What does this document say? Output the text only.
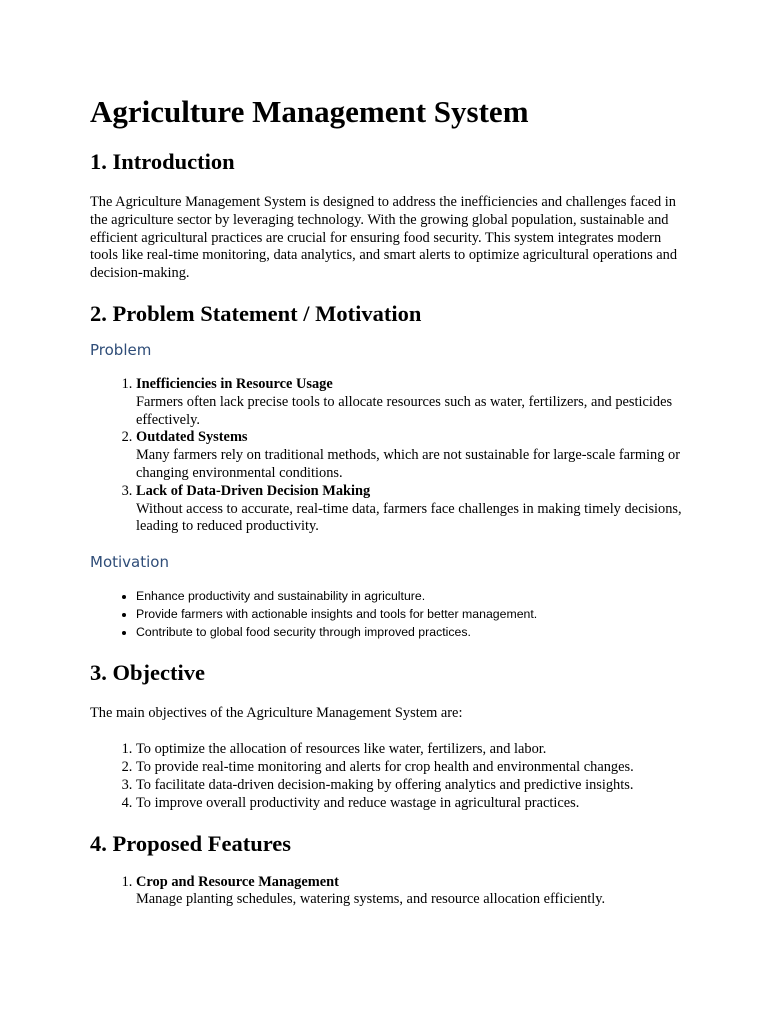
Agriculture Management System
1. Introduction

The Agriculture Management System is designed to address the inefficiencies and challenges faced in the agriculture sector by leveraging technology. With the growing global population, sustainable and efficient agricultural practices are crucial for ensuring food security. This system integrates modern tools like real-time monitoring, data analytics, and smart alerts to optimize agricultural operations and decision-making.

2. Problem Statement / Motivation
Problem
1. Inefficiencies in Resource Usage
Farmers often lack precise tools to allocate resources such as water, fertilizers, and pesticides effectively.
2. Outdated Systems
Many farmers rely on traditional methods, which are not sustainable for large-scale farming or changing environmental conditions.
3. Lack of Data-Driven Decision Making
Without access to accurate, real-time data, farmers face challenges in making timely decisions, leading to reduced productivity.
Motivation
• Enhance productivity and sustainability in agriculture.
• Provide farmers with actionable insights and tools for better management.
• Contribute to global food security through improved practices.
3. Objective

The main objectives of the Agriculture Management System are:

1. To optimize the allocation of resources like water, fertilizers, and labor.
2. To provide real-time monitoring and alerts for crop health and environmental changes.
3. To facilitate data-driven decision-making by offering analytics and predictive insights.
4. To improve overall productivity and reduce wastage in agricultural practices.
4. Proposed Features
1. Crop and Resource Management
Manage planting schedules, watering systems, and resource allocation efficiently.
